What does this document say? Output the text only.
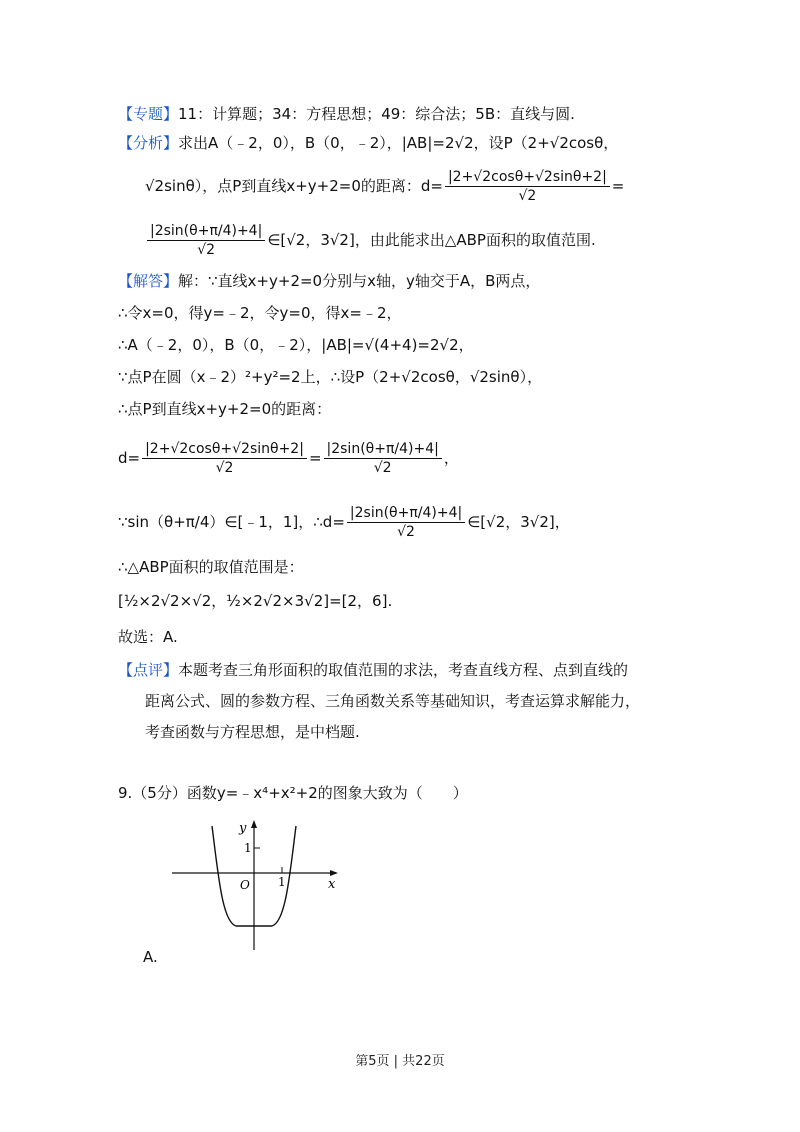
【专题】11：计算题；34：方程思想；49：综合法；5B：直线与圆.
【分析】求出A（﹣2，0），B（0，﹣2），|AB|=2√2，设P（2+√2cosθ，
√2sinθ），点P到直线x+y+2=0的距离：$d= \frac{|2+√2\cos\theta+√2\sin\theta+2|}{√2}$ =
$\frac{|2\sin(\theta+\pi/4)+4|}{√2}$ ∈[√2，3√2]，由此能求出△ABP面积的取值范围.
【解答】解：∵直线x+y+2=0分别与x轴，y轴交于A，B两点，
∴令x=0，得y=﹣2，令y=0，得x=﹣2，
∴A（﹣2，0），B（0，﹣2），|AB|=√(4+4)=2√2，
∵点P在圆（x﹣2）²+y²=2上，∴设P（2+√2cosθ，√2sinθ），
∴点P到直线x+y+2=0的距离：
$d= \frac{|2+√2\cos\theta+√2\sin\theta+2|}{√2} = \frac{|2\sin(\theta+\pi/4)+4|}{√2}$ ，
∵sin（θ+π/4）∈[﹣1，1]，∴d= $\frac{|2\sin(\theta+\pi/4)+4|}{√2}$ ∈[√2，3√2]，
∴△ABP面积的取值范围是：
[½×2√2×√2，½×2√2×3√2]=[2，6].
故选：A.
【点评】本题考查三角形面积的取值范围的求法，考查直线方程、点到直线的
距离公式、圆的参数方程、三角函数关系等基础知识，考查运算求解能力，
考查函数与方程思想，是中档题.
9.（5分）函数y=﹣x⁴+x²+2的图象大致为（　　）
y
x
O
1
1
A.
第5页 | 共22页
